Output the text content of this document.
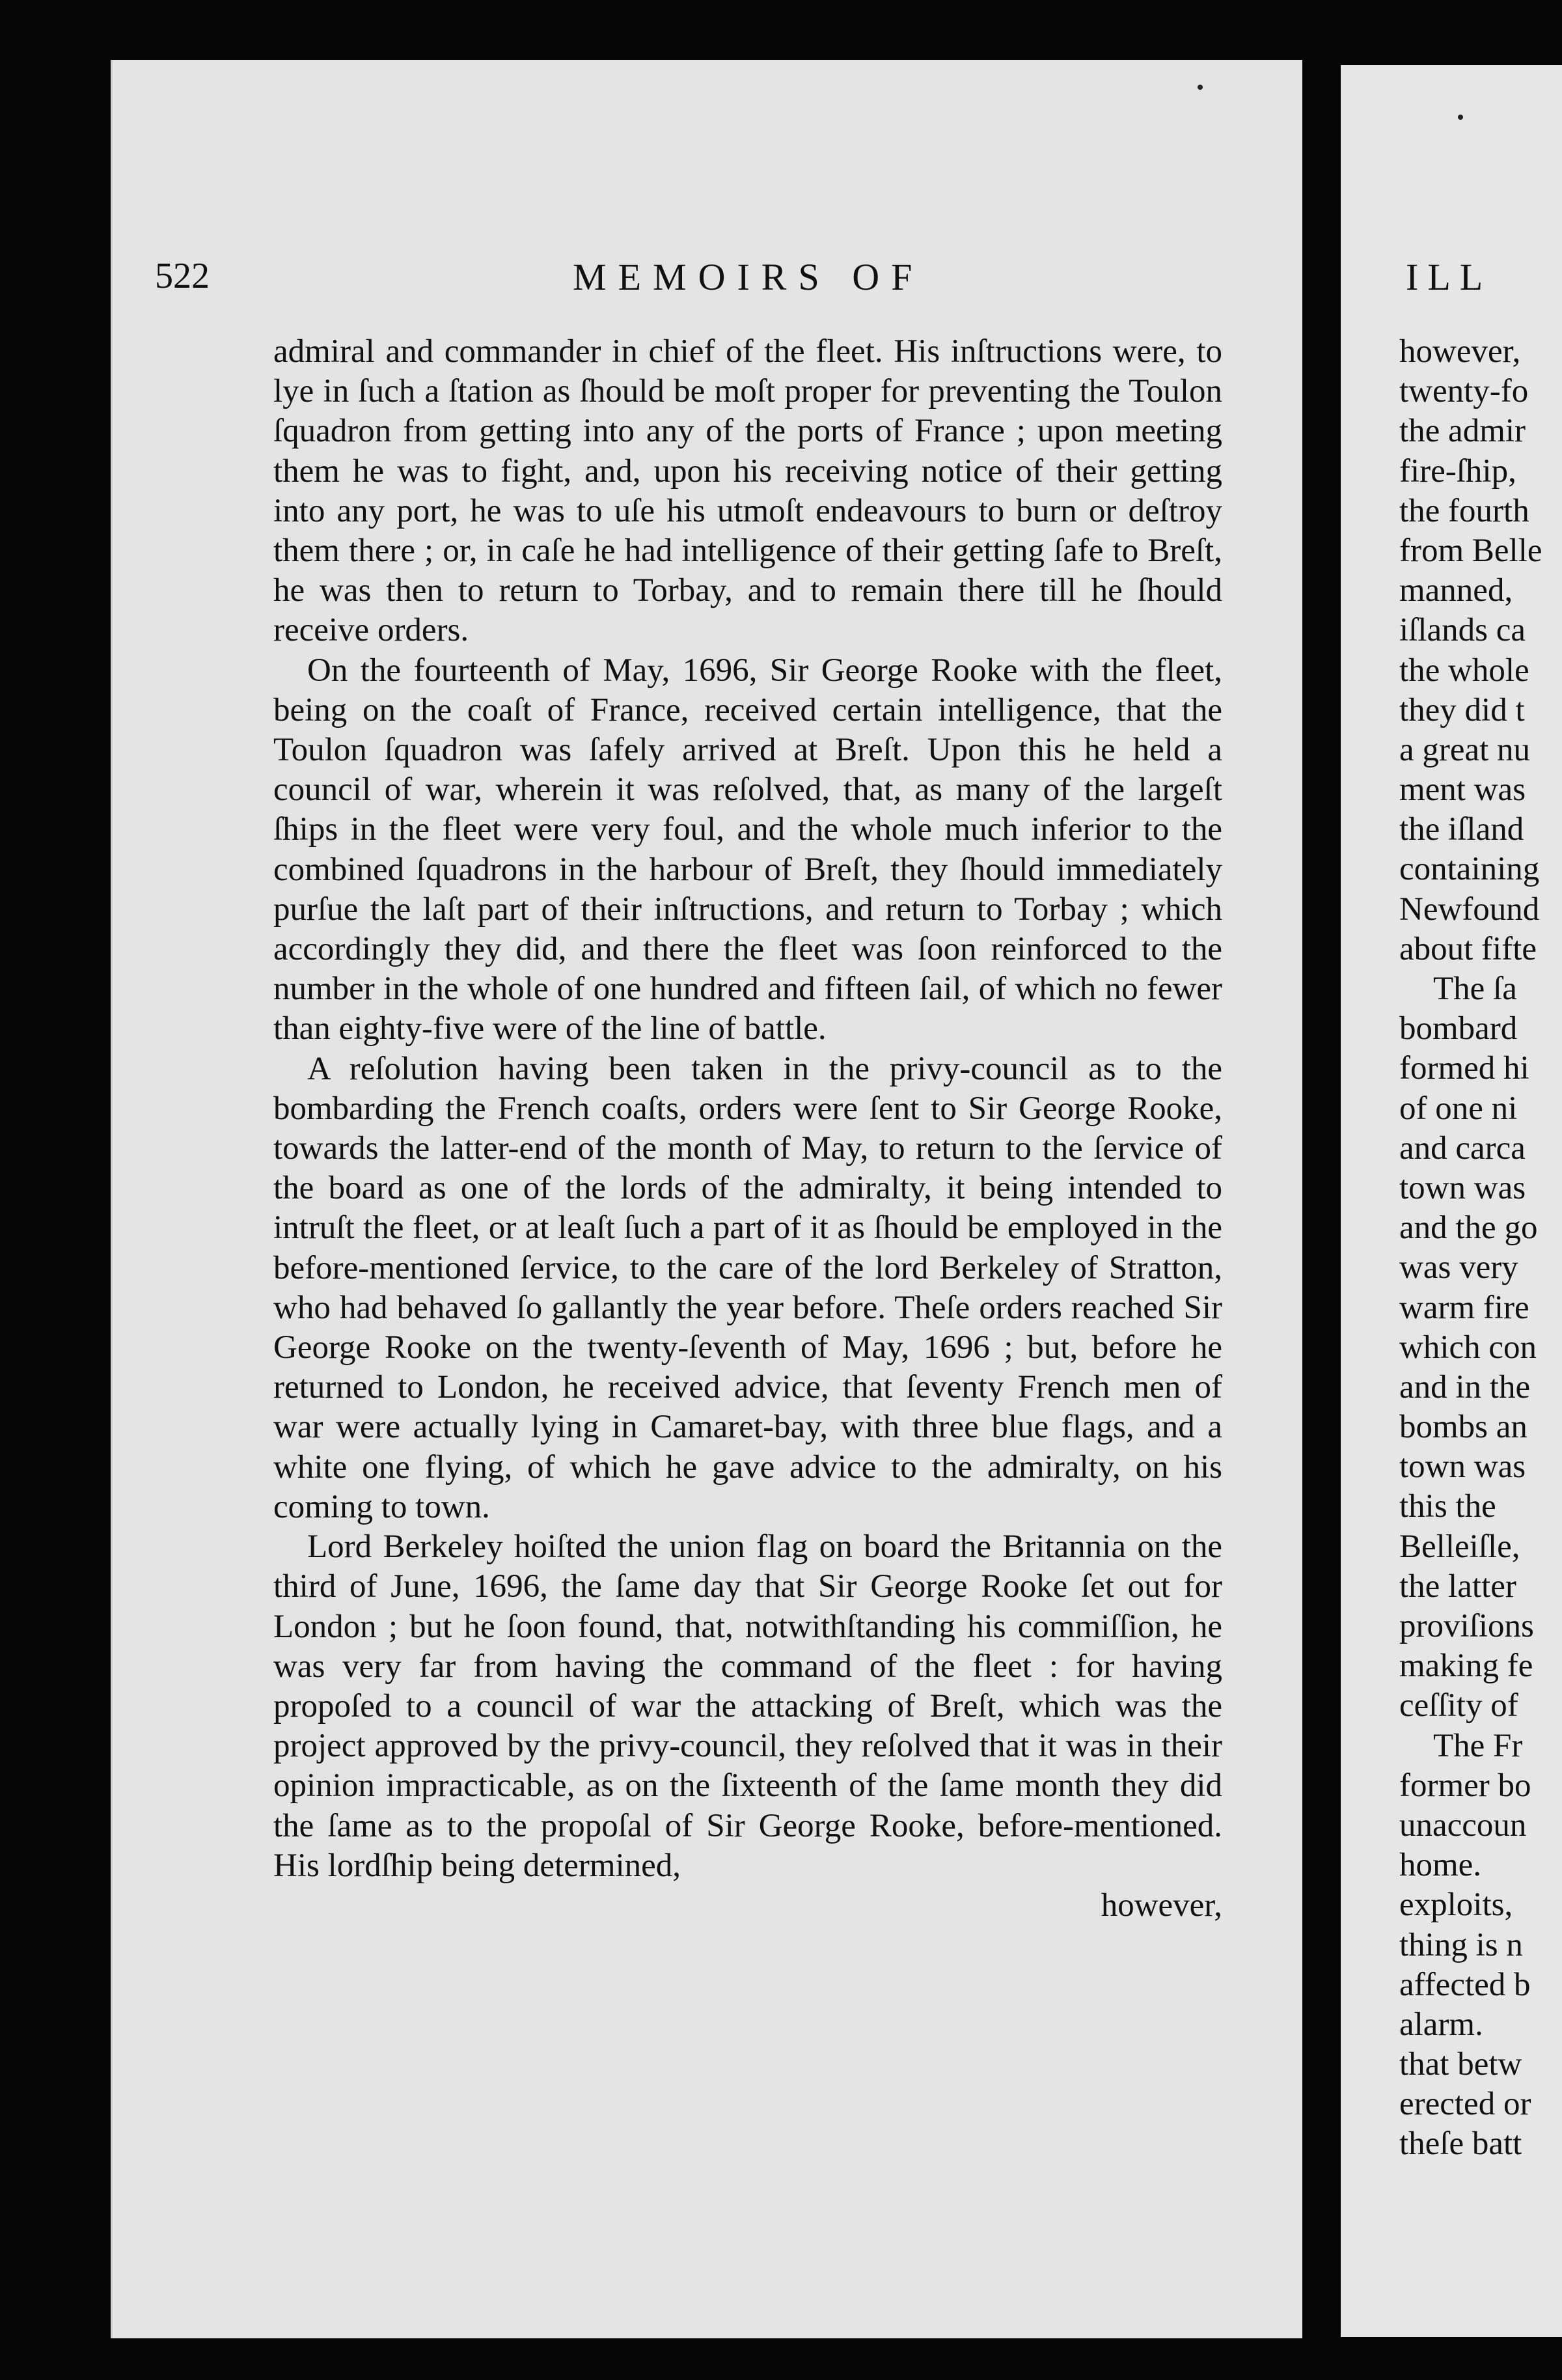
522	MEMOIRS OF	ILL

admiral and commander in chief of the fleet. His inſtructions were, to lye in ſuch a ſtation as ſhould be moſt proper for preventing the Toulon ſquadron from getting into any of the ports of France ; upon meeting them he was to fight, and, upon his receiving notice of their getting into any port, he was to uſe his utmoſt endeavours to burn or deſtroy them there ; or, in caſe he had intelligence of their getting ſafe to Breſt, he was then to return to Torbay, and to remain there till he ſhould receive orders.

On the fourteenth of May, 1696, Sir George Rooke with the fleet, being on the coaſt of France, received certain intelligence, that the Toulon ſquadron was ſafely arrived at Breſt. Upon this he held a council of war, wherein it was reſolved, that, as many of the largeſt ſhips in the fleet were very foul, and the whole much inferior to the combined ſquadrons in the harbour of Breſt, they ſhould immediately purſue the laſt part of their inſtructions, and return to Torbay ; which accordingly they did, and there the fleet was ſoon reinforced to the number in the whole of one hundred and fifteen ſail, of which no fewer than eighty-five were of the line of battle.

A reſolution having been taken in the privy-council as to the bombarding the French coaſts, orders were ſent to Sir George Rooke, towards the latter-end of the month of May, to return to the ſervice of the board as one of the lords of the admiralty, it being intended to intruſt the fleet, or at leaſt ſuch a part of it as ſhould be employed in the before-mentioned ſervice, to the care of the lord Berkeley of Stratton, who had behaved ſo gallantly the year before. Theſe orders reached Sir George Rooke on the twenty-ſeventh of May, 1696 ; but, before he returned to London, he received advice, that ſeventy French men of war were actually lying in Camaret-bay, with three blue flags, and a white one flying, of which he gave advice to the admiralty, on his coming to town.

Lord Berkeley hoiſted the union flag on board the Britannia on the third of June, 1696, the ſame day that Sir George Rooke ſet out for London ; but he ſoon found, that, notwithſtanding his commiſſion, he was very far from having the command of the fleet : for having propoſed to a council of war the attacking of Breſt, which was the project approved by the privy-council, they reſolved that it was in their opinion impracticable, as on the ſixteenth of the ſame month they did the ſame as to the propoſal of Sir George Rooke, before-mentioned. His lordſhip being determined,

however,

however,
twenty-fo
the admir
fire-ſhip,
the fourth
from Belle
manned,
iſlands ca
the whole
they did t
a great nu
ment was
the iſland
containing
Newfound
about fifte
The ſa
bombard
formed hi
of one ni
and carca
town was
and the go
was very
warm fire
which con
and in the
bombs an
town was
this the
Belleiſle,
the latter
proviſions
making fe
ceſſity of
The Fr
former bo
unaccoun
home.
exploits,
thing is n
affected b
alarm.
that betw
erected or
theſe batt
